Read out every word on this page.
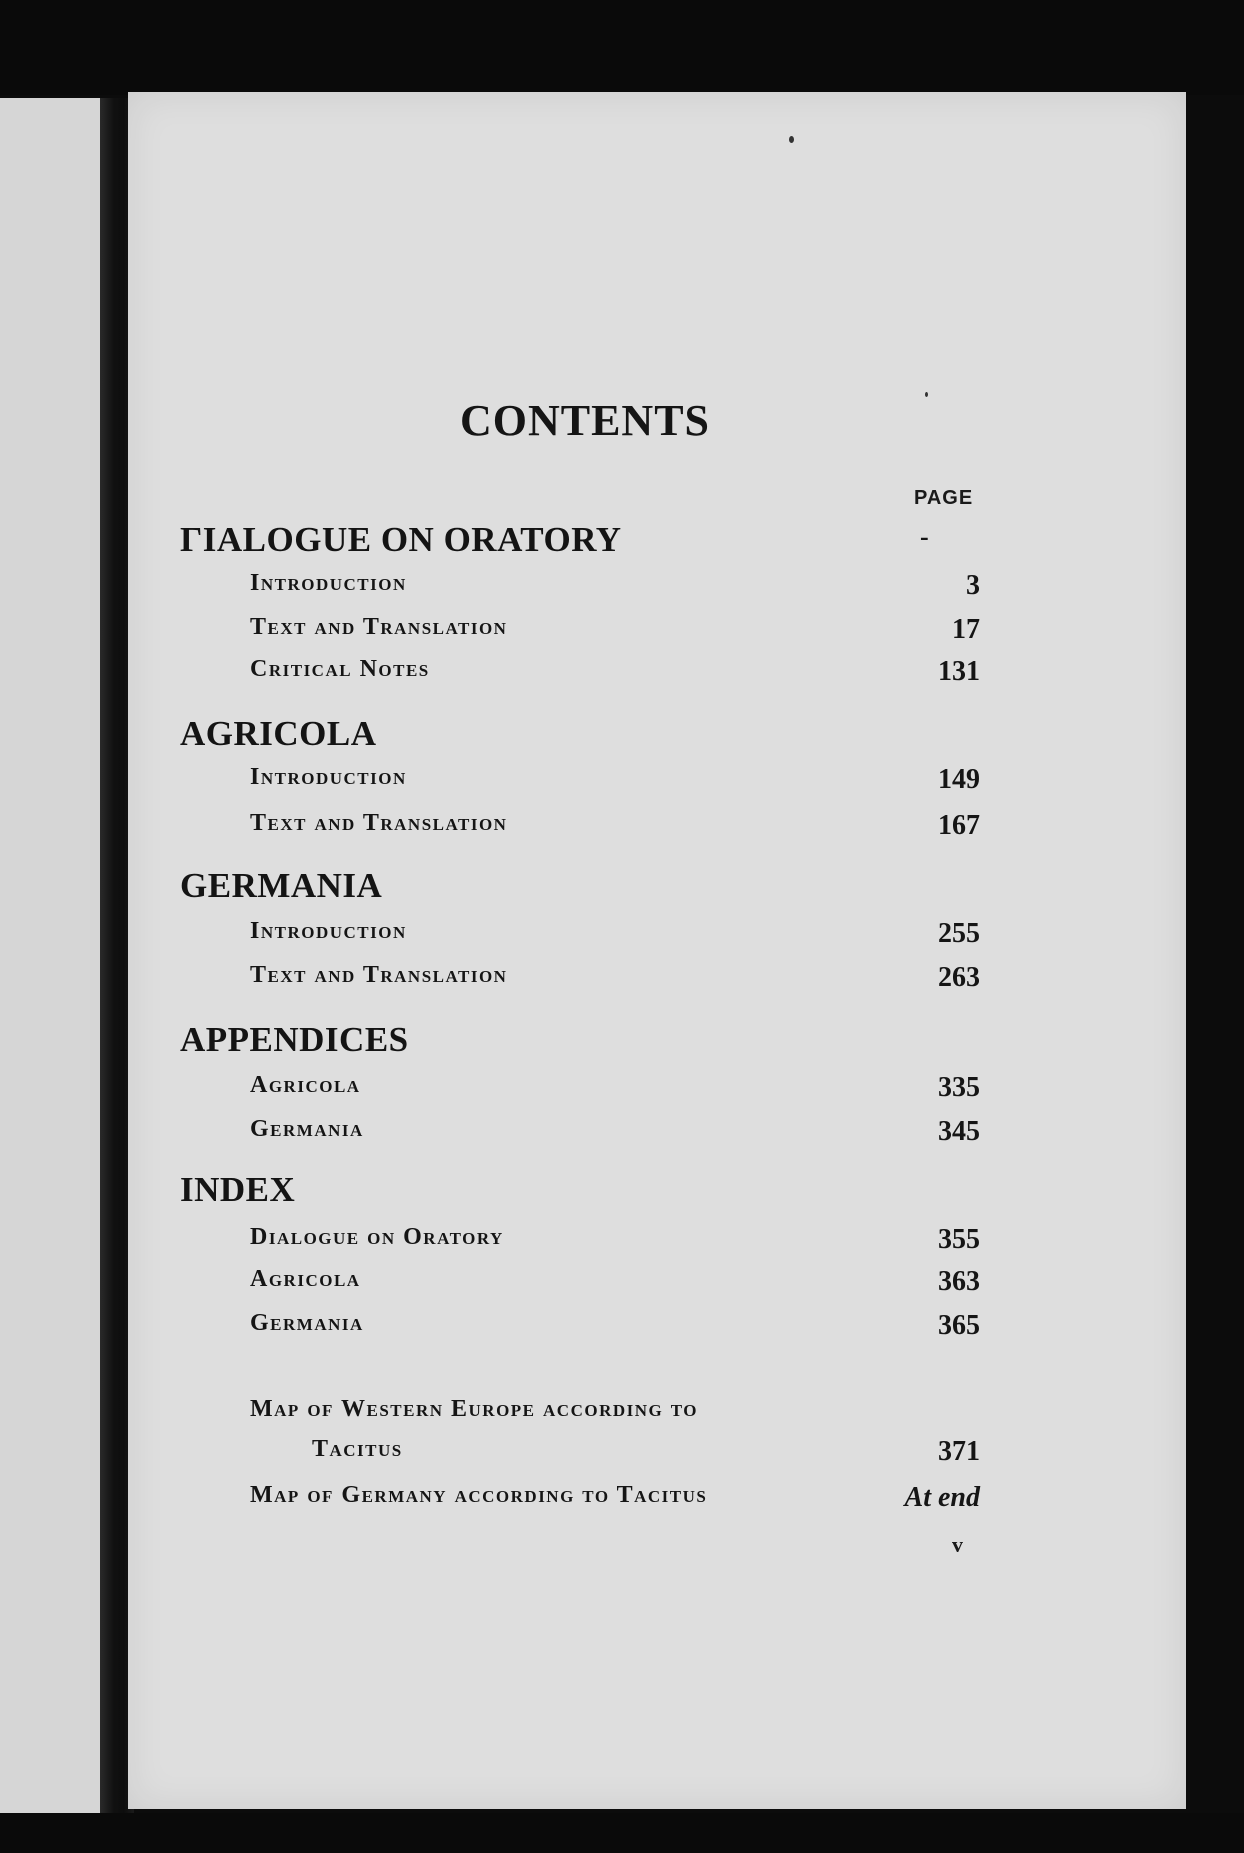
CONTENTS
PAGE
ГIALOGUE ON ORATORY	-
Introduction	3
Text and Translation	17
Critical Notes	131
AGRICOLA
Introduction	149
Text and Translation	167
GERMANIA
Introduction	255
Text and Translation	263
APPENDICES
Agricola	335
Germania	345
INDEX
Dialogue on Oratory	355
Agricola	363
Germania	365
Map of Western Europe according to
Tacitus	371
Map of Germany according to Tacitus	At end
v
